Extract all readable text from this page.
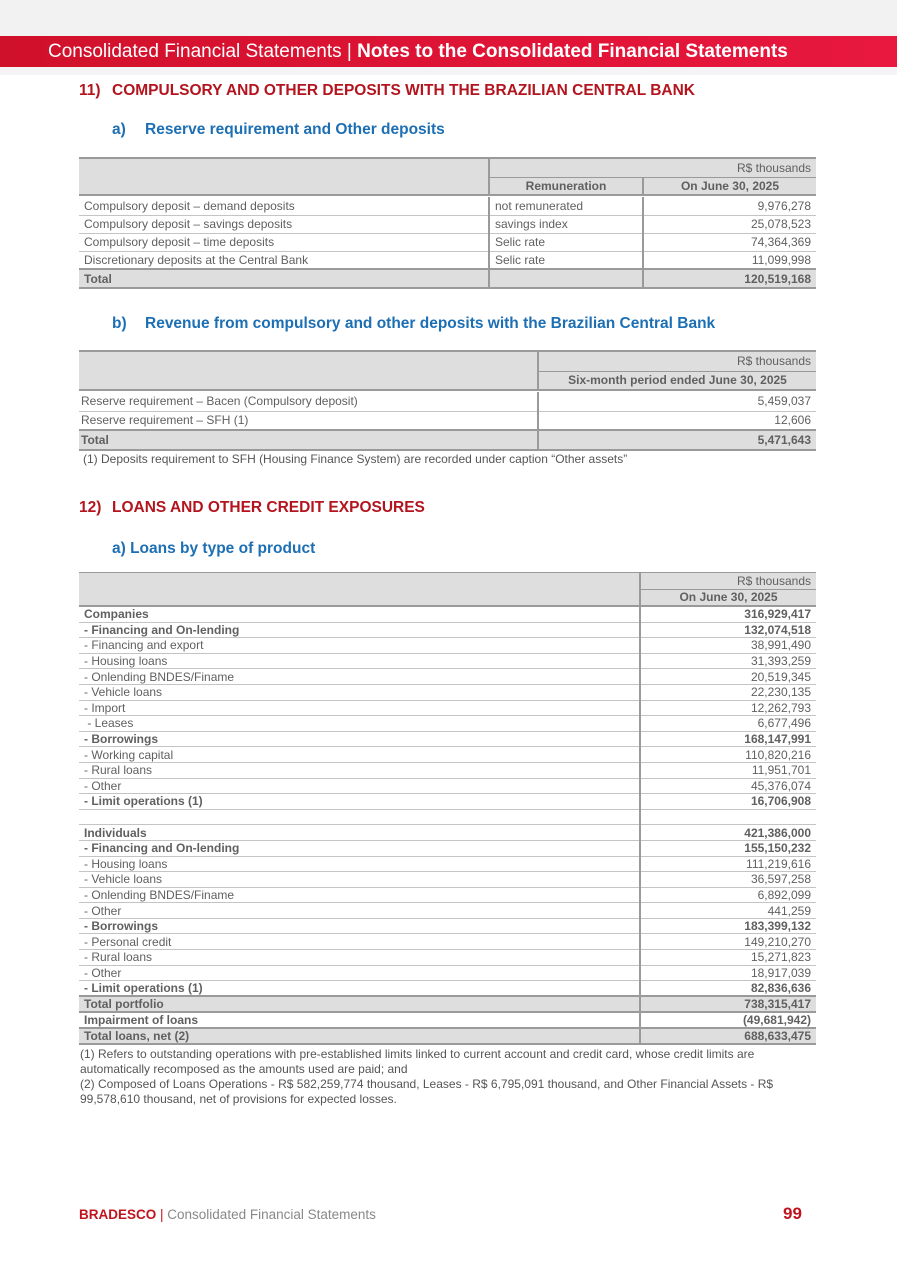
Consolidated Financial Statements | Notes to the Consolidated Financial Statements
11) COMPULSORY AND OTHER DEPOSITS WITH THE BRAZILIAN CENTRAL BANK
a) Reserve requirement and Other deposits
	R$ thousands	
	Remuneration	On June 30, 2025

Compulsory deposit – demand deposits	not remunerated	9,976,278
Compulsory deposit – savings deposits	savings index	25,078,523
Compulsory deposit – time deposits	Selic rate	74,364,369
Discretionary deposits at the Central Bank	Selic rate	11,099,998
Total		120,519,168
b) Revenue from compulsory and other deposits with the Brazilian Central Bank
	R$ thousands
	Six-month period ended June 30, 2025

Reserve requirement – Bacen (Compulsory deposit)	5,459,037
Reserve requirement – SFH (1)	12,606
Total	5,471,643
(1) Deposits requirement to SFH (Housing Finance System) are recorded under caption “Other assets”
12) LOANS AND OTHER CREDIT EXPOSURES
a) Loans by type of product
	R$ thousands
	On June 30, 2025

Companies	316,929,417
- Financing and On-lending	132,074,518
- Financing and export	38,991,490
- Housing loans	31,393,259
- Onlending BNDES/Finame	20,519,345
- Vehicle loans	22,230,135
- Import	12,262,793
- Leases	6,677,496
- Borrowings	168,147,991
- Working capital	110,820,216
- Rural loans	11,951,701
- Other	45,376,074
- Limit operations (1)	16,706,908

Individuals	421,386,000
- Financing and On-lending	155,150,232
- Housing loans	111,219,616
- Vehicle loans	36,597,258
- Onlending BNDES/Finame	6,892,099
- Other	441,259
- Borrowings	183,399,132
- Personal credit	149,210,270
- Rural loans	15,271,823
- Other	18,917,039
- Limit operations (1)	82,836,636
Total portfolio	738,315,417
Impairment of loans	(49,681,942)
Total loans, net (2)	688,633,475
(1) Refers to outstanding operations with pre-established limits linked to current account and credit card, whose credit limits are automatically recomposed as the amounts used are paid; and
(2) Composed of Loans Operations - R$ 582,259,774 thousand, Leases - R$ 6,795,091 thousand, and Other Financial Assets - R$ 99,578,610 thousand, net of provisions for expected losses.
BRADESCO | Consolidated Financial Statements	99
